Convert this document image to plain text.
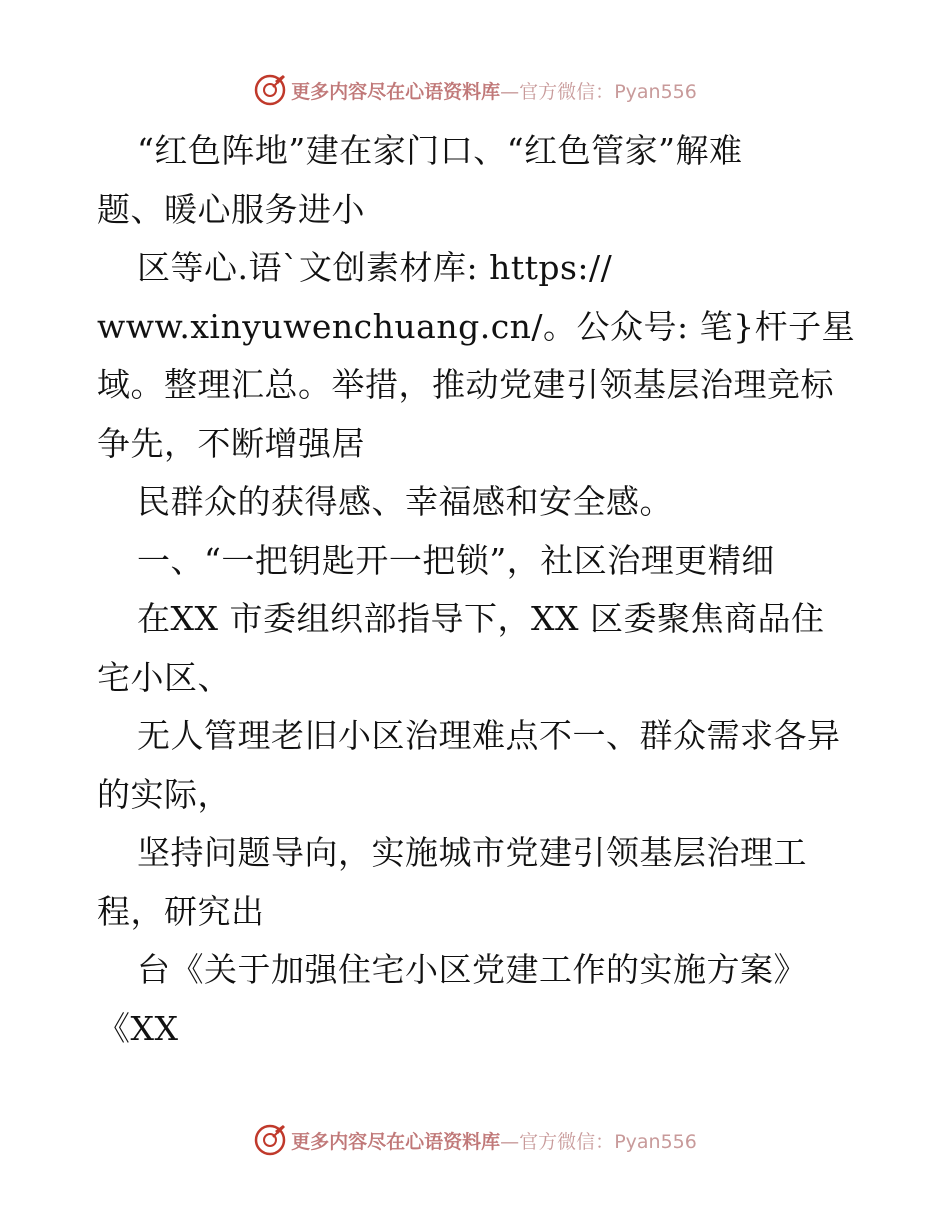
更多内容尽在心语资料库—官方微信：Pyan556
“红色阵地”建在家门口、“红色管家”解难
题、暖心服务进小
区等心.语`文创素材库: https://
www.xinyuwenchuang.cn/。公众号: 笔}杆子星
域。整理汇总。举措，推动党建引领基层治理竞标
争先，不断增强居
民群众的获得感、幸福感和安全感。
一、“一把钥匙开一把锁”，社区治理更精细
在XX 市委组织部指导下，XX 区委聚焦商品住
宅小区、
无人管理老旧小区治理难点不一、群众需求各异
的实际，
坚持问题导向，实施城市党建引领基层治理工
程，研究出
台《关于加强住宅小区党建工作的实施方案》
《XX
更多内容尽在心语资料库—官方微信：Pyan556
